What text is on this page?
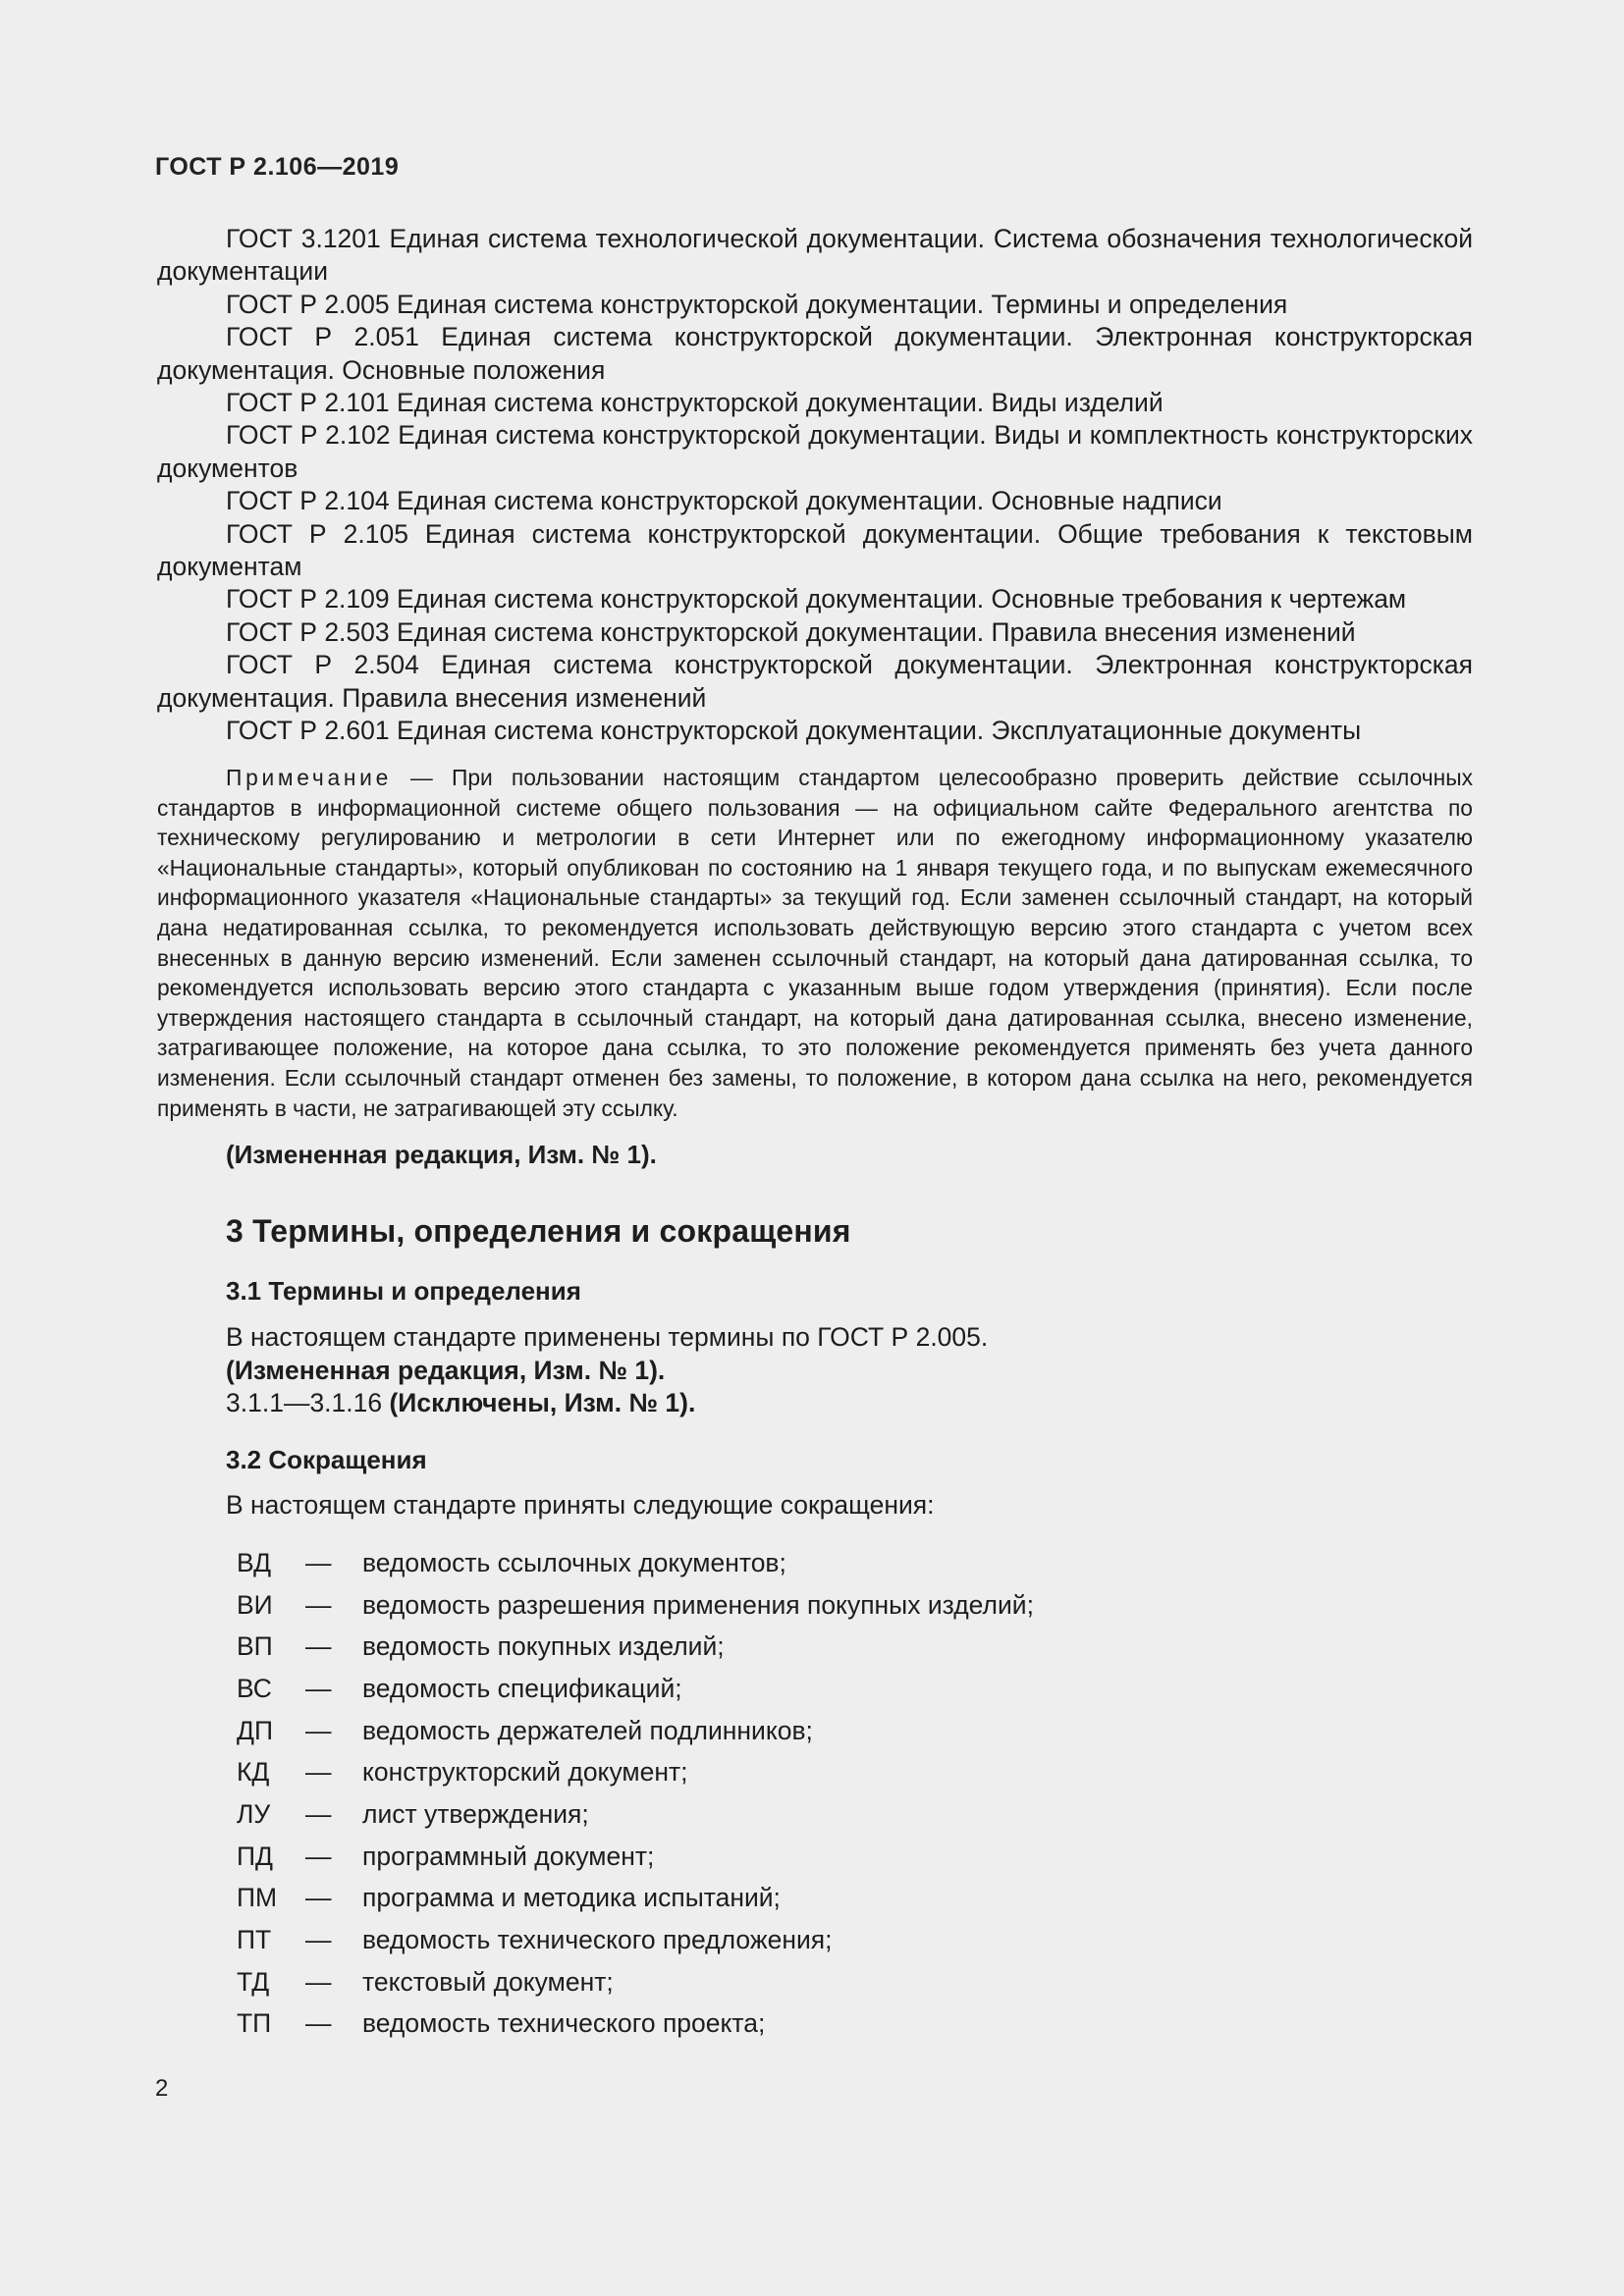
ГОСТ Р 2.106—2019

ГОСТ 3.1201 Единая система технологической документации. Система обозначения технологической документации

ГОСТ Р 2.005 Единая система конструкторской документации. Термины и определения

ГОСТ Р 2.051 Единая система конструкторской документации. Электронная конструкторская документация. Основные положения

ГОСТ Р 2.101 Единая система конструкторской документации. Виды изделий

ГОСТ Р 2.102 Единая система конструкторской документации. Виды и комплектность конструкторских документов

ГОСТ Р 2.104 Единая система конструкторской документации. Основные надписи

ГОСТ Р 2.105 Единая система конструкторской документации. Общие требования к текстовым документам

ГОСТ Р 2.109 Единая система конструкторской документации. Основные требования к чертежам

ГОСТ Р 2.503 Единая система конструкторской документации. Правила внесения изменений

ГОСТ Р 2.504 Единая система конструкторской документации. Электронная конструкторская документация. Правила внесения изменений

ГОСТ Р 2.601 Единая система конструкторской документации. Эксплуатационные документы

Примечание — При пользовании настоящим стандартом целесообразно проверить действие ссылочных стандартов в информационной системе общего пользования — на официальном сайте Федерального агентства по техническому регулированию и метрологии в сети Интернет или по ежегодному информационному указателю «Национальные стандарты», который опубликован по состоянию на 1 января текущего года, и по выпускам ежемесячного информационного указателя «Национальные стандарты» за текущий год. Если заменен ссылочный стандарт, на который дана недатированная ссылка, то рекомендуется использовать действующую версию этого стандарта с учетом всех внесенных в данную версию изменений. Если заменен ссылочный стандарт, на который дана датированная ссылка, то рекомендуется использовать версию этого стандарта с указанным выше годом утверждения (принятия). Если после утверждения настоящего стандарта в ссылочный стандарт, на который дана датированная ссылка, внесено изменение, затрагивающее положение, на которое дана ссылка, то это положение рекомендуется применять без учета данного изменения. Если ссылочный стандарт отменен без замены, то положение, в котором дана ссылка на него, рекомендуется применять в части, не затрагивающей эту ссылку.

(Измененная редакция, Изм. № 1).
3 Термины, определения и сокращения
3.1 Термины и определения

В настоящем стандарте применены термины по ГОСТ Р 2.005.

(Измененная редакция, Изм. № 1).

3.1.1—3.1.16 (Исключены, Изм. № 1).

3.2 Сокращения
В настоящем стандарте приняты следующие сокращения:
ВД	—	ведомость ссылочных документов;
ВИ	—	ведомость разрешения применения покупных изделий;
ВП	—	ведомость покупных изделий;
ВС	—	ведомость спецификаций;
ДП	—	ведомость держателей подлинников;
КД	—	конструкторский документ;
ЛУ	—	лист утверждения;
ПД	—	программный документ;
ПМ	—	программа и методика испытаний;
ПТ	—	ведомость технического предложения;
ТД	—	текстовый документ;
ТП	—	ведомость технического проекта;
2
